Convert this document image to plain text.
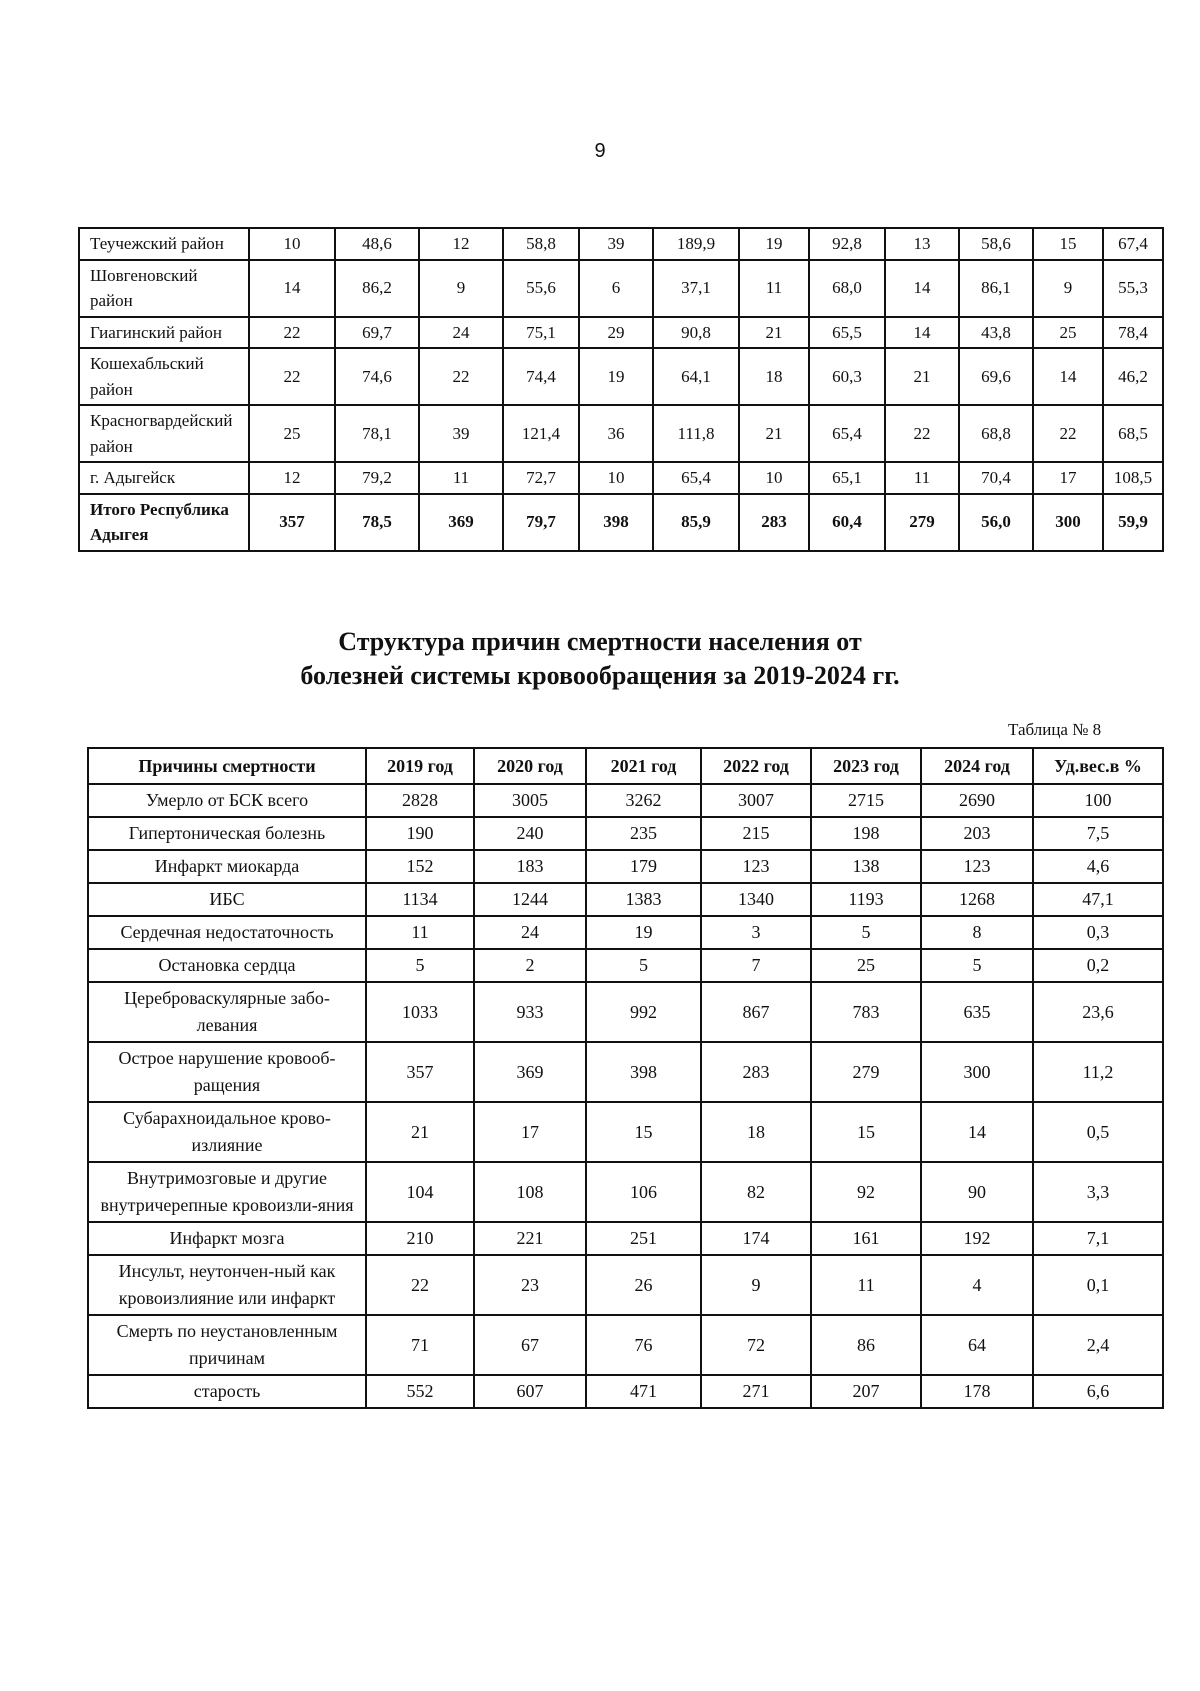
9
Теучежский район	10	48,6	12	58,8	39	189,9	19	92,8	13	58,6	15	67,4
Шовгеновский район	14	86,2	9	55,6	6	37,1	11	68,0	14	86,1	9	55,3
Гиагинский район	22	69,7	24	75,1	29	90,8	21	65,5	14	43,8	25	78,4
Кошехабльский район	22	74,6	22	74,4	19	64,1	18	60,3	21	69,6	14	46,2
Красногвардейский район	25	78,1	39	121,4	36	111,8	21	65,4	22	68,8	22	68,5
г. Адыгейск	12	79,2	11	72,7	10	65,4	10	65,1	11	70,4	17	108,5
Итого Республика Адыгея	357	78,5	369	79,7	398	85,9	283	60,4	279	56,0	300	59,9
Структура причин смертности населения от
болезней системы кровообращения за 2019-2024 гг.
Таблица № 8
Причины смертности	2019 год	2020 год	2021 год	2022 год	2023 год	2024 год	Уд.вес.в %
Умерло от БСК всего	2828	3005	3262	3007	2715	2690	100
Гипертоническая болезнь	190	240	235	215	198	203	7,5
Инфаркт миокарда	152	183	179	123	138	123	4,6
ИБС	1134	1244	1383	1340	1193	1268	47,1
Сердечная недостаточность	11	24	19	3	5	8	0,3
Остановка сердца	5	2	5	7	25	5	0,2
Цереброваскулярные забо-левания	1033	933	992	867	783	635	23,6
Острое нарушение кровооб-ращения	357	369	398	283	279	300	11,2
Субарахноидальное крово-излияние	21	17	15	18	15	14	0,5
Внутримозговые и другие внутричерепные кровоизли-яния	104	108	106	82	92	90	3,3
Инфаркт мозга	210	221	251	174	161	192	7,1
Инсульт, неутончен-ный как кровоизлияние или инфаркт	22	23	26	9	11	4	0,1
Смерть по неустановленным причинам	71	67	76	72	86	64	2,4
старость	552	607	471	271	207	178	6,6
